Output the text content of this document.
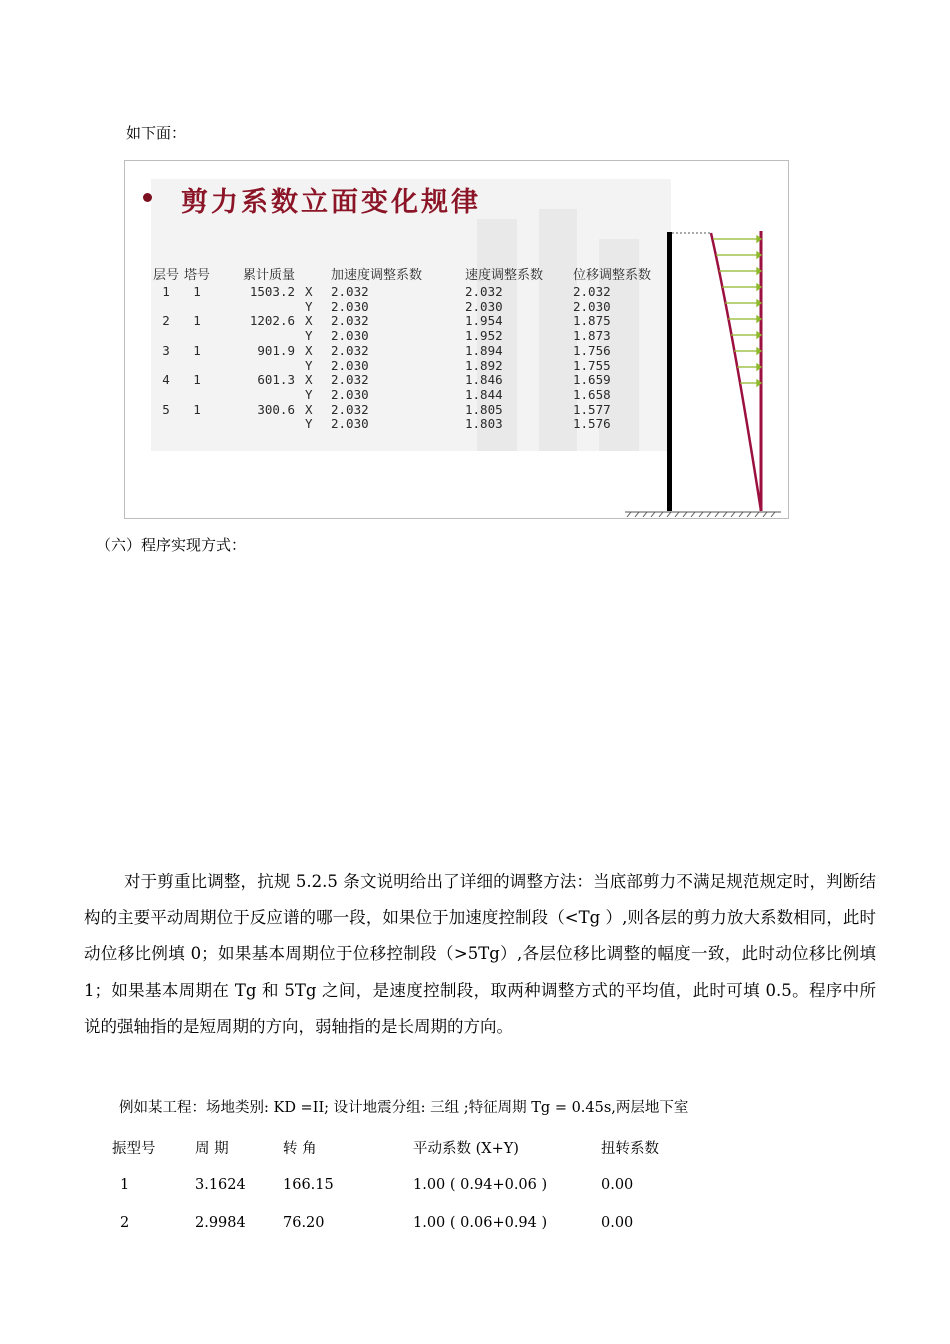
如下面：
剪力系数立面变化规律
层号	塔号	累计质量		加速度调整系数	速度调整系数	位移调整系数
1	1	1503.2	X	2.032	2.032	2.032
			Y	2.030	2.030	2.030
2	1	1202.6	X	2.032	1.954	1.875
			Y	2.030	1.952	1.873
3	1	901.9	X	2.032	1.894	1.756
			Y	2.030	1.892	1.755
4	1	601.3	X	2.032	1.846	1.659
			Y	2.030	1.844	1.658
5	1	300.6	X	2.032	1.805	1.577
			Y	2.030	1.803	1.576
（六）程序实现方式：
对于剪重比调整，抗规 5.2.5 条文说明给出了详细的调整方法：当底部剪力不满足规范规定时，判断结构的主要平动周期位于反应谱的哪一段，如果位于加速度控制段（<Tg ）,则各层的剪力放大系数相同，此时动位移比例填 0；如果基本周期位于位移控制段（>5Tg）,各层位移比调整的幅度一致，此时动位移比例填 1；如果基本周期在 Tg 和 5Tg 之间，是速度控制段，取两种调整方式的平均值，此时可填 0.5。程序中所说的强轴指的是短周期的方向，弱轴指的是长周期的方向。
例如某工程：场地类别: KD =II; 设计地震分组: 三组 ;特征周期 Tg = 0.45s,两层地下室
振型号	周 期	转 角	平动系数 (X+Y)	扭转系数
1	3.1624	166.15	1.00 ( 0.94+0.06 )	0.00
2	2.9984	76.20	1.00 ( 0.06+0.94 )	0.00
